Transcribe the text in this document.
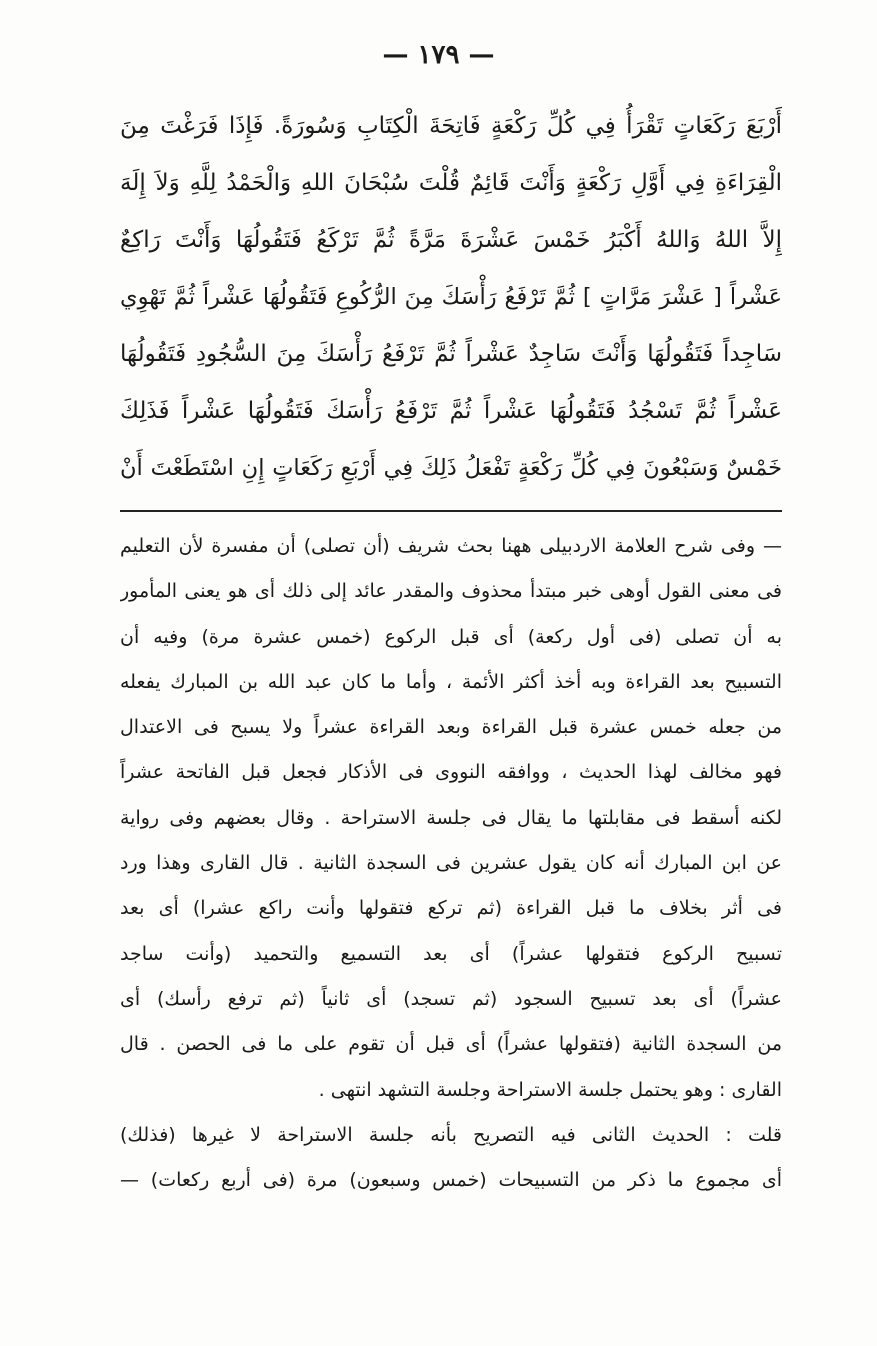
— ١٧٩ —
أَرْبَعَ رَكَعَاتٍ تَقْرَأُ فِي كُلِّ رَكْعَةٍ فَاتِحَةَ الْكِتَابِ وَسُورَةً. فَإِذَا فَرَغْتَ مِنَ
الْقِرَاءَةِ فِي أَوَّلِ رَكْعَةٍ وَأَنْتَ قَائِمٌ قُلْتَ سُبْحَانَ اللهِ وَالْحَمْدُ لِلَّهِ وَلاَ إِلَهَ
إِلاَّ اللهُ وَاللهُ أَكْبَرُ خَمْسَ عَشْرَةَ مَرَّةً ثُمَّ تَرْكَعُ فَتَقُولُهَا وَأَنْتَ رَاكِعٌ
عَشْراً [ عَشْرَ مَرَّاتٍ ] ثُمَّ تَرْفَعُ رَأْسَكَ مِنَ الرُّكُوعِ فَتَقُولُهَا عَشْراً ثُمَّ تَهْوِي
سَاجِداً فَتَقُولُهَا وَأَنْتَ سَاجِدٌ عَشْراً ثُمَّ تَرْفَعُ رَأْسَكَ مِنَ السُّجُودِ فَتَقُولُهَا
عَشْراً ثُمَّ تَسْجُدُ فَتَقُولُهَا عَشْراً ثُمَّ تَرْفَعُ رَأْسَكَ فَتَقُولُهَا عَشْراً فَذَلِكَ
خَمْسٌ وَسَبْعُونَ فِي كُلِّ رَكْعَةٍ تَفْعَلُ ذَلِكَ فِي أَرْبَعِ رَكَعَاتٍ إِنِ اسْتَطَعْتَ أَنْ
— وفى شرح العلامة الاردبيلى ههنا بحث شريف (أن تصلى) أن مفسرة لأن التعليم
فى معنى القول أوهى خبر مبتدأ محذوف والمقدر عائد إلى ذلك أى هو يعنى المأمور
به أن تصلى (فى أول ركعة) أى قبل الركوع (خمس عشرة مرة) وفيه أن
التسبيح بعد القراءة وبه أخذ أكثر الأئمة ، وأما ما كان عبد الله بن المبارك يفعله
من جعله خمس عشرة قبل القراءة وبعد القراءة عشراً ولا يسبح فى الاعتدال
فهو مخالف لهذا الحديث ، ووافقه النووى فى الأذكار فجعل قبل الفاتحة عشراً
لكنه أسقط فى مقابلتها ما يقال فى جلسة الاستراحة . وقال بعضهم وفى رواية
عن ابن المبارك أنه كان يقول عشرين فى السجدة الثانية . قال القارى وهذا ورد
فى أثر بخلاف ما قبل القراءة (ثم تركع فتقولها وأنت راكع عشرا) أى بعد
تسبيح الركوع فتقولها عشراً) أى بعد التسميع والتحميد (وأنت ساجد
عشراً) أى بعد تسبيح السجود (ثم تسجد) أى ثانياً (ثم ترفع رأسك) أى
من السجدة الثانية (فتقولها عشراً) أى قبل أن تقوم على ما فى الحصن . قال
القارى : وهو يحتمل جلسة الاستراحة وجلسة التشهد انتهى .
قلت : الحديث الثانى فيه التصريح بأنه جلسة الاستراحة لا غيرها (فذلك)
أى مجموع ما ذكر من التسبيحات (خمس وسبعون) مرة (فى أربع ركعات) —
